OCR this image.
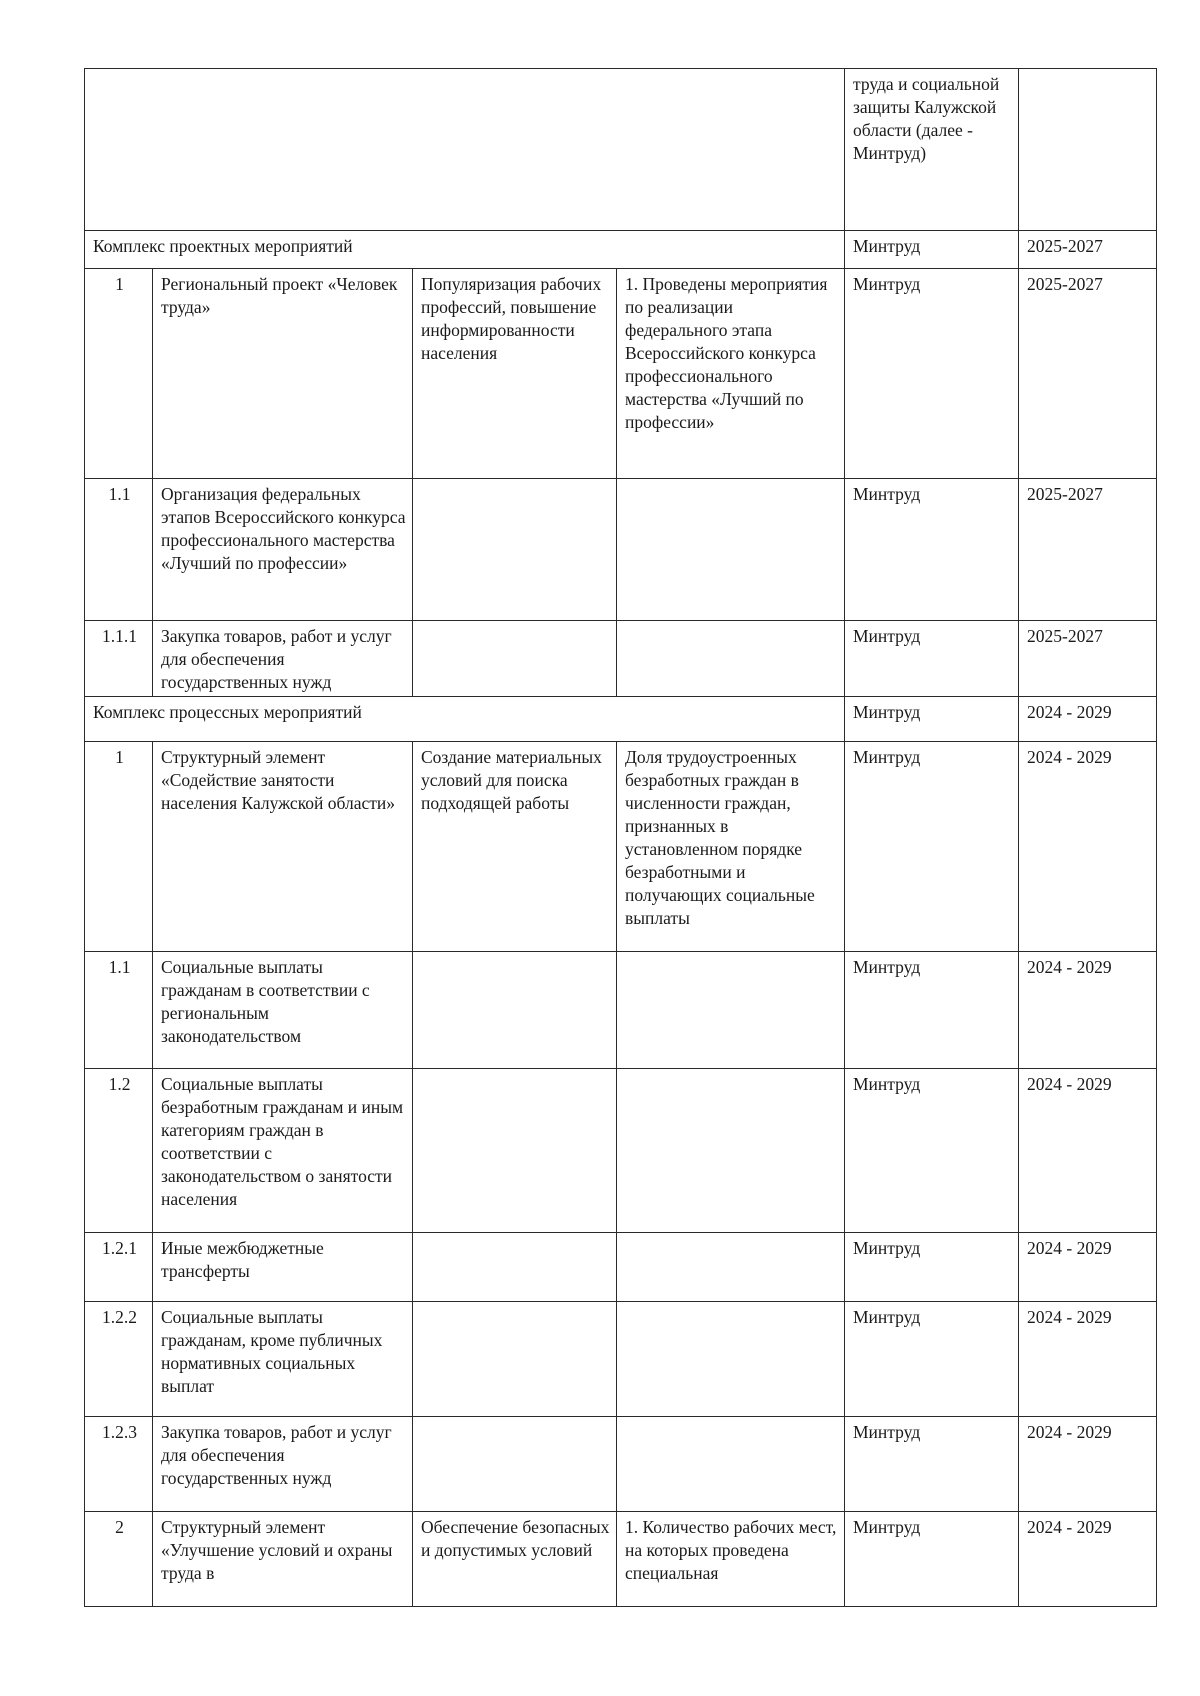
				труда и социальной защиты Калужской области (далее - Минтруд)	
Комплекс проектных мероприятий				Минтруд	2025-2027
1	Региональный проект «Человек труда»	Популяризация рабочих профессий, повышение информированности населения	1. Проведены мероприятия по реализации федерального этапа Всероссийского конкурса профессионального мастерства «Лучший по профессии»	Минтруд	2025-2027
1.1	Организация федеральных этапов Всероссийского конкурса профессионального мастерства «Лучший по профессии»			Минтруд	2025-2027
1.1.1	Закупка товаров, работ и услуг для обеспечения государственных нужд			Минтруд	2025-2027
Комплекс процессных мероприятий				Минтруд	2024 - 2029
1	Структурный элемент «Содействие занятости населения Калужской области»	Создание материальных условий для поиска подходящей работы	Доля трудоустроенных безработных граждан в численности граждан, признанных в установленном порядке безработными и получающих социальные выплаты	Минтруд	2024 - 2029
1.1	Социальные выплаты гражданам в соответствии с региональным законодательством			Минтруд	2024 - 2029
1.2	Социальные выплаты безработным гражданам и иным категориям граждан в соответствии с законодательством о занятости населения			Минтруд	2024 - 2029
1.2.1	Иные межбюджетные трансферты			Минтруд	2024 - 2029
1.2.2	Социальные выплаты гражданам, кроме публичных нормативных социальных выплат			Минтруд	2024 - 2029
1.2.3	Закупка товаров, работ и услуг для обеспечения государственных нужд			Минтруд	2024 - 2029
2	Структурный элемент «Улучшение условий и охраны труда в	Обеспечение безопасных и допустимых условий	1. Количество рабочих мест, на которых проведена специальная	Минтруд	2024 - 2029
